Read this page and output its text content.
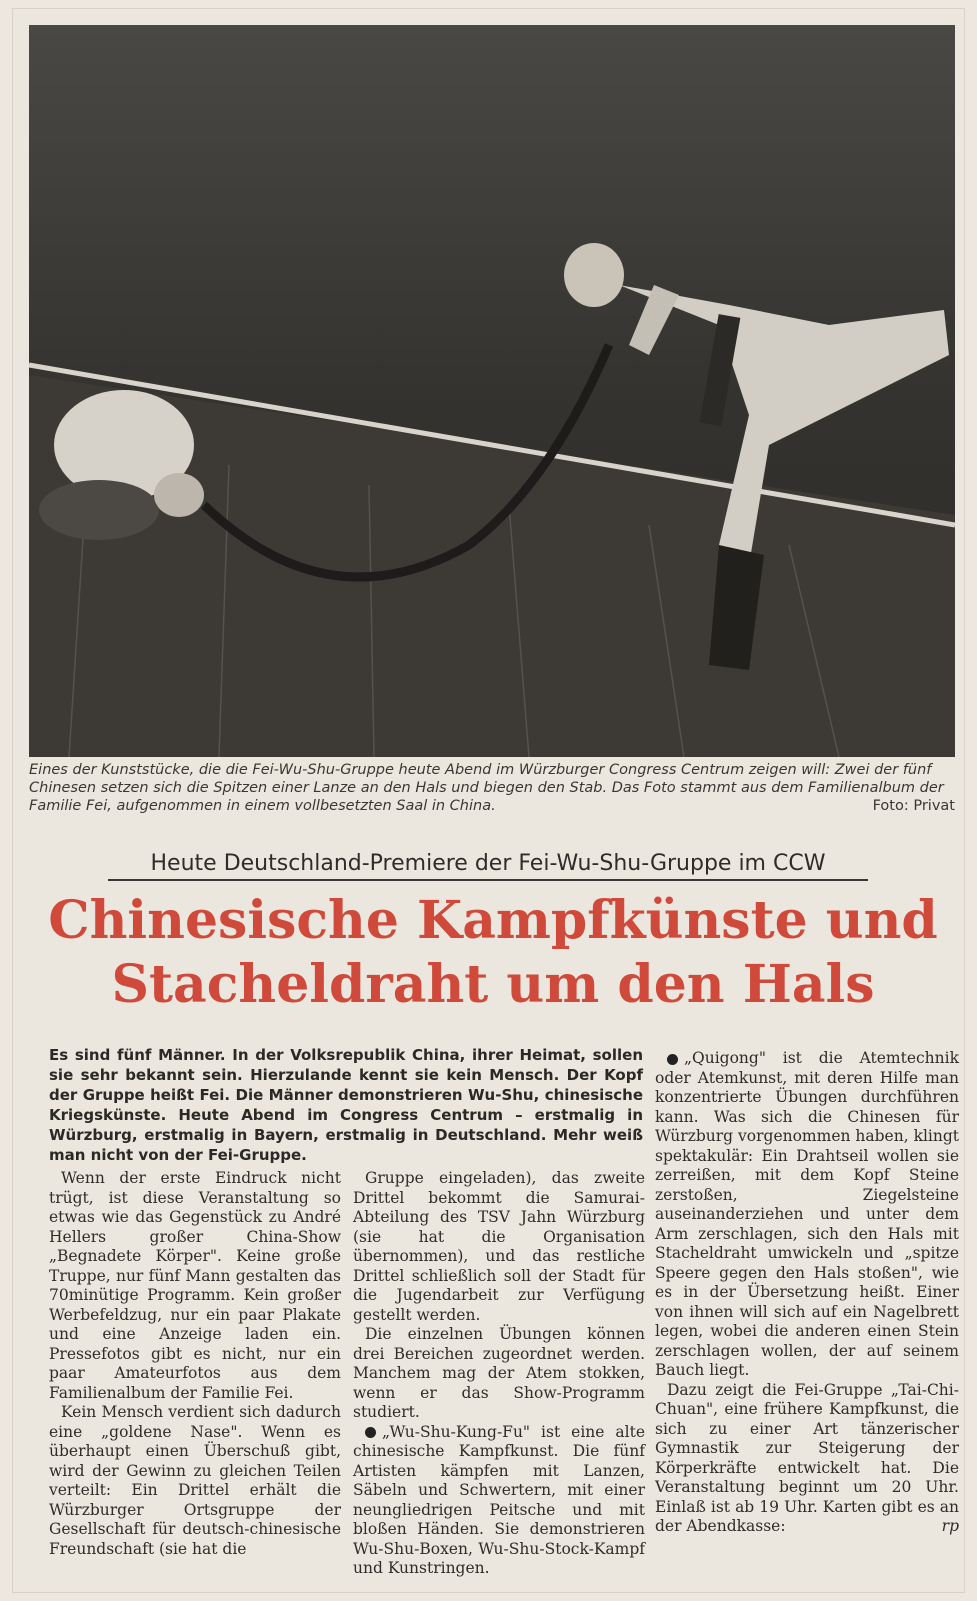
Eines der Kunststücke, die die Fei-Wu-Shu-Gruppe heute Abend im Würzburger Congress Centrum zeigen will: Zwei der fünf Chinesen setzen sich die Spitzen einer Lanze an den Hals und biegen den Stab. Das Foto stammt aus dem Familienalbum der Familie Fei, aufgenommen in einem vollbesetzten Saal in China.	Foto: Privat
Heute Deutschland-Premiere der Fei-Wu-Shu-Gruppe im CCW
Chinesische Kampfkünste und
Stacheldraht um den Hals
Es sind fünf Männer. In der Volksrepublik China, ihrer Heimat, sollen sie sehr bekannt sein. Hierzulande kennt sie kein Mensch. Der Kopf der Gruppe heißt Fei. Die Männer demonstrieren Wu-Shu, chinesische Kriegskünste. Heute Abend im Congress Centrum – erstmalig in Würzburg, erstmalig in Bayern, erstmalig in Deutschland. Mehr weiß man nicht von der Fei-Gruppe.

Wenn der erste Eindruck nicht trügt, ist diese Veranstaltung so etwas wie das Gegenstück zu André Hellers großer China-Show „Begnadete Körper". Keine große Truppe, nur fünf Mann gestalten das 70minütige Programm. Kein großer Werbefeldzug, nur ein paar Plakate und eine Anzeige laden ein. Pressefotos gibt es nicht, nur ein paar Amateurfotos aus dem Familienalbum der Familie Fei.

Kein Mensch verdient sich dadurch eine „goldene Nase". Wenn es überhaupt einen Überschuß gibt, wird der Gewinn zu gleichen Teilen verteilt: Ein Drittel erhält die Würzburger Ortsgruppe der Gesellschaft für deutsch-chinesische Freundschaft (sie hat die

Gruppe eingeladen), das zweite Drittel bekommt die Samurai-Abteilung des TSV Jahn Würzburg (sie hat die Organisation übernommen), und das restliche Drittel schließlich soll der Stadt für die Jugendarbeit zur Verfügung gestellt werden.

Die einzelnen Übungen können drei Bereichen zugeordnet werden. Manchem mag der Atem stokken, wenn er das Show-Programm studiert.

„Wu-Shu-Kung-Fu" ist eine alte chinesische Kampfkunst. Die fünf Artisten kämpfen mit Lanzen, Säbeln und Schwertern, mit einer neungliedrigen Peitsche und mit bloßen Händen. Sie demonstrieren Wu-Shu-Boxen, Wu-Shu-Stock-Kampf und Kunstringen.

„Quigong" ist die Atemtechnik oder Atemkunst, mit deren Hilfe man konzentrierte Übungen durchführen kann. Was sich die Chinesen für Würzburg vorgenommen haben, klingt spektakulär: Ein Drahtseil wollen sie zerreißen, mit dem Kopf Steine zerstoßen, Ziegelsteine auseinanderziehen und unter dem Arm zerschlagen, sich den Hals mit Stacheldraht umwickeln und „spitze Speere gegen den Hals stoßen", wie es in der Übersetzung heißt. Einer von ihnen will sich auf ein Nagelbrett legen, wobei die anderen einen Stein zerschlagen wollen, der auf seinem Bauch liegt.

Dazu zeigt die Fei-Gruppe „Tai-Chi-Chuan", eine frühere Kampfkunst, die sich zu einer Art tänzerischer Gymnastik zur Steigerung der Körperkräfte entwickelt hat. Die Veranstaltung beginnt um 20 Uhr. Einlaß ist ab 19 Uhr. Karten gibt es an der Abendkasse:	rp
